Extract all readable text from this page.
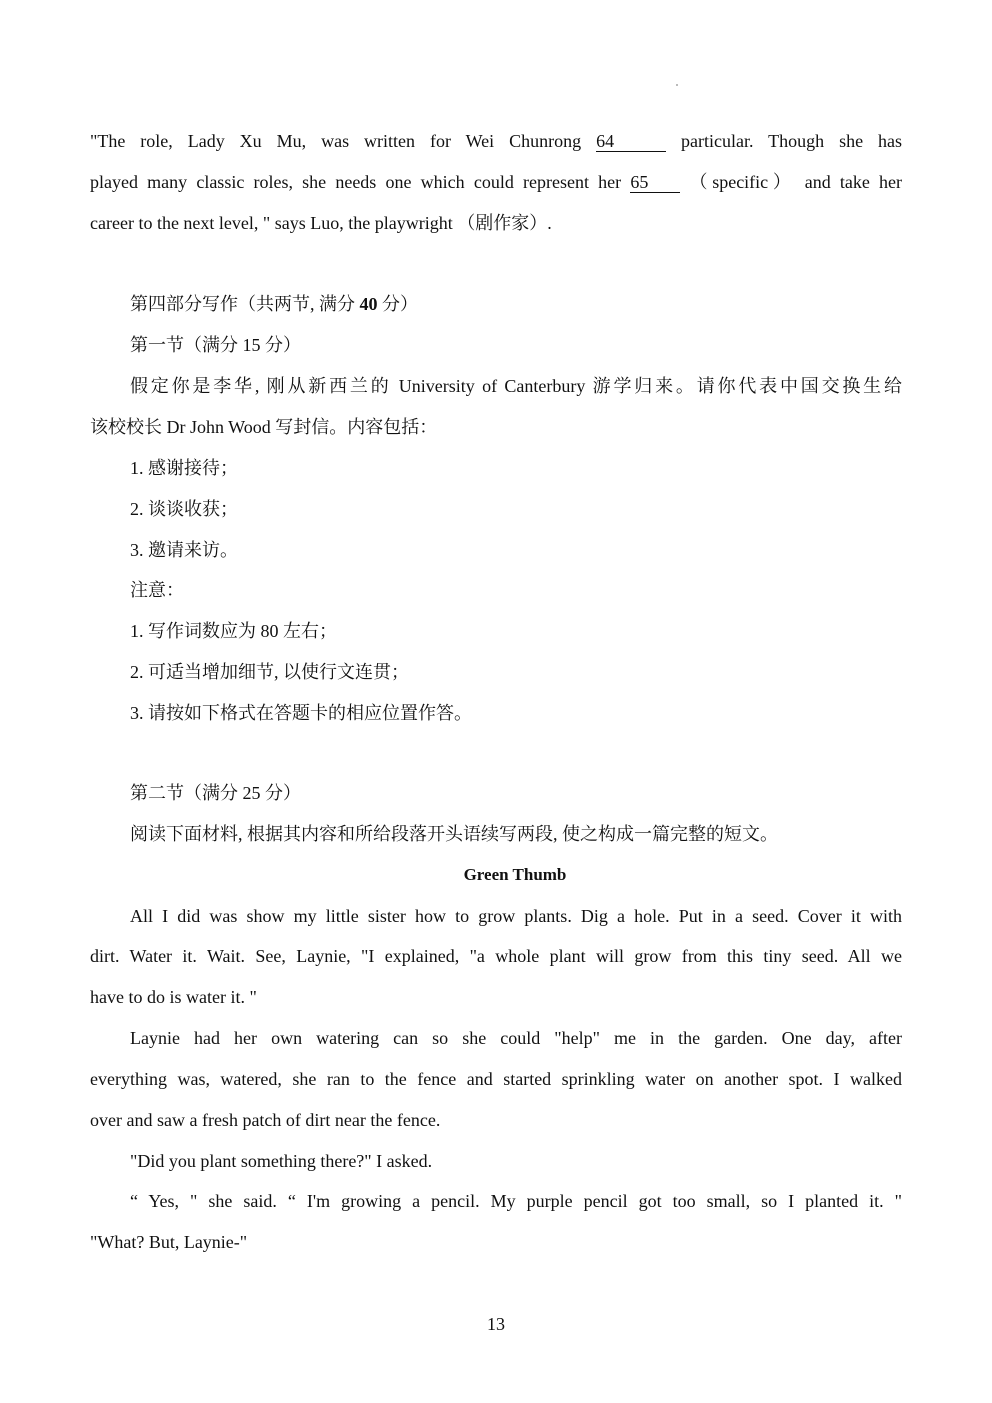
"The role, Lady Xu Mu, was written for Wei Chunrong 64	particular. Though she has
played many classic roles, she needs one which could represent her 65 （specific） and take her
career to the next level, " says Luo, the playwright （剧作家）.
第四部分写作（共两节, 满分 40 分）
第一节（满分 15 分）
假定你是李华, 刚从新西兰的 University of Canterbury 游学归来。请你代表中国交换生给
该校校长 Dr John Wood 写封信。内容包括：
1. 感谢接待；
2. 谈谈收获；
3. 邀请来访。
注意：
1. 写作词数应为 80 左右；
2. 可适当增加细节, 以使行文连贯；
3. 请按如下格式在答题卡的相应位置作答。
第二节（满分 25 分）
阅读下面材料, 根据其内容和所给段落开头语续写两段, 使之构成一篇完整的短文。
Green Thumb
All I did was show my little sister how to grow plants. Dig a hole. Put in a seed. Cover it with
dirt. Water it. Wait. See, Laynie, "I explained, "a whole plant will grow from this tiny seed. All we
have to do is water it. "
Laynie had her own watering can so she could "help" me in the garden. One day, after
everything was, watered, she ran to the fence and started sprinkling water on another spot. I walked
over and saw a fresh patch of dirt near the fence.
"Did you plant something there?" I asked.
“ Yes, " she said. “ I'm growing a pencil. My purple pencil got too small, so I planted it. "
"What? But, Laynie-"
13
